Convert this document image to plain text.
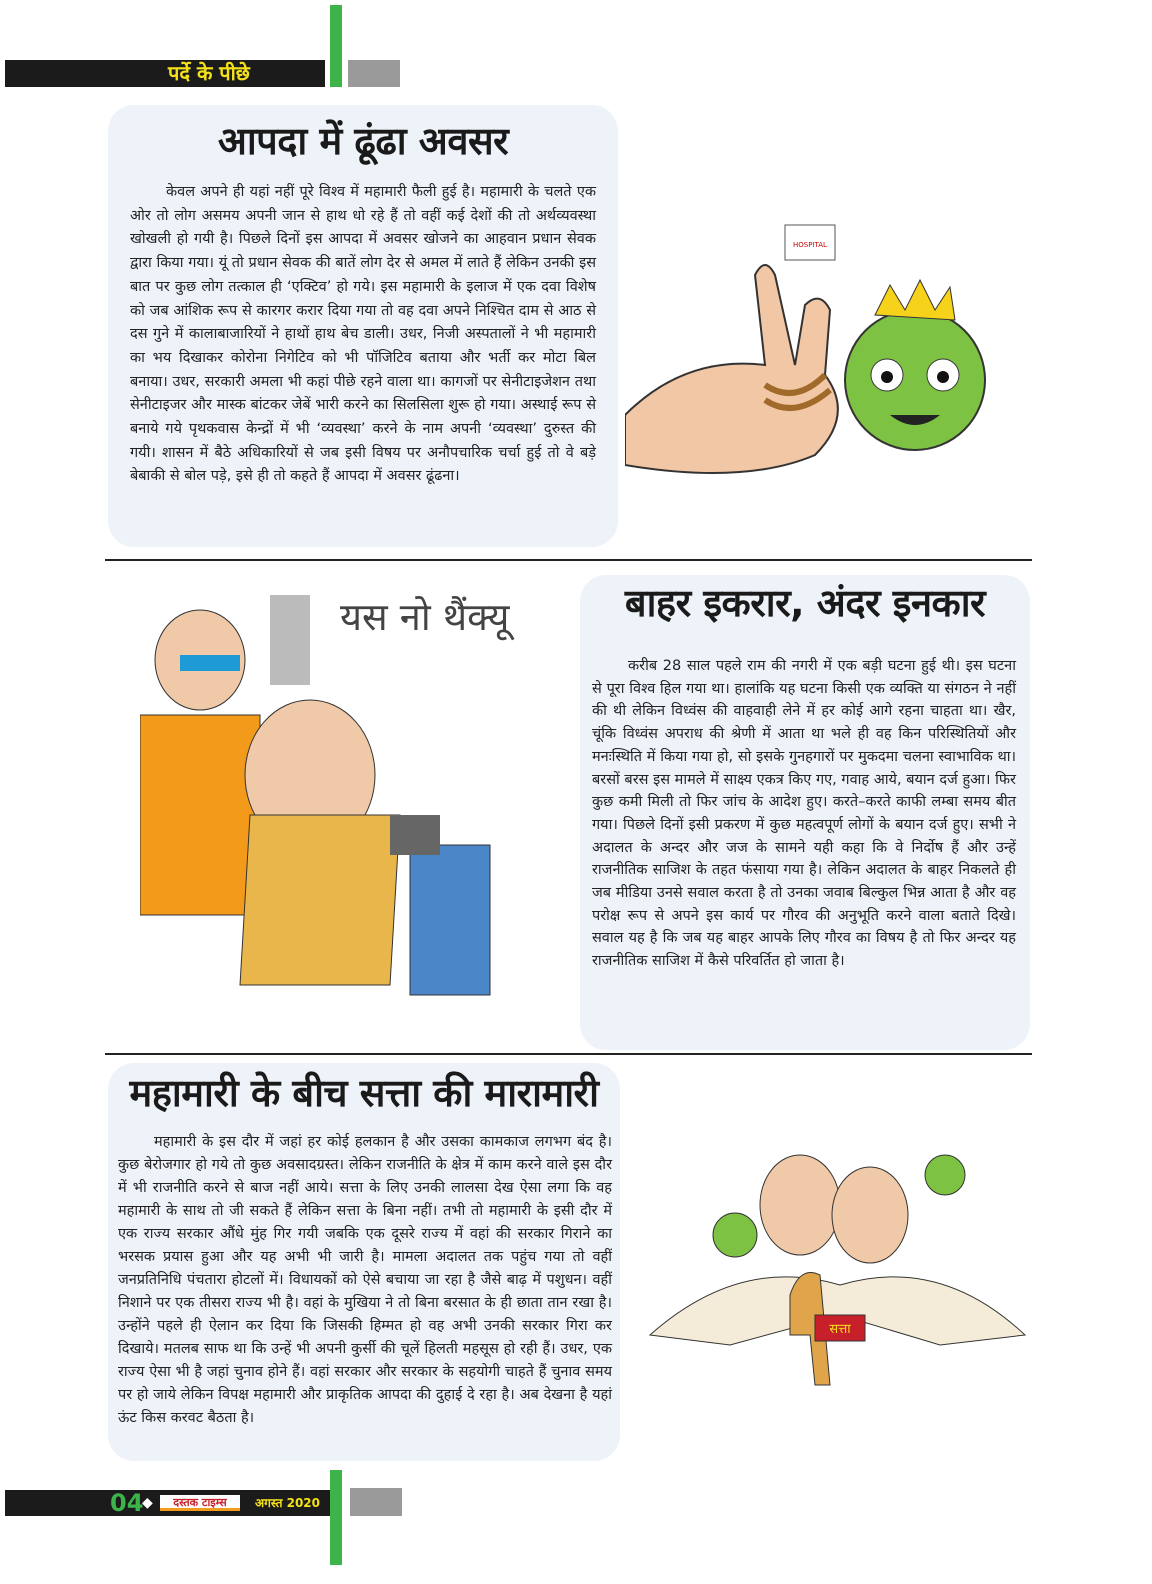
पर्दे के पीछे
आपदा में ढूंढा अवसर

केवल अपने ही यहां नहीं पूरे विश्व में महामारी फैली हुई है। महामारी के चलते एक ओर तो लोग असमय अपनी जान से हाथ धो रहे हैं तो वहीं कई देशों की तो अर्थव्यवस्था खोखली हो गयी है। पिछले दिनों इस आपदा में अवसर खोजने का आहवान प्रधान सेवक द्वारा किया गया। यूं तो प्रधान सेवक की बातें लोग देर से अमल में लाते हैं लेकिन उनकी इस बात पर कुछ लोग तत्काल ही ‘एक्टिव’ हो गये। इस महामारी के इलाज में एक दवा विशेष को जब आंशिक रूप से कारगर करार दिया गया तो वह दवा अपने निश्चित दाम से आठ से दस गुने में कालाबाजारियों ने हाथों हाथ बेच डाली। उधर, निजी अस्पतालों ने भी महामारी का भय दिखाकर कोरोना निगेटिव को भी पॉजिटिव बताया और भर्ती कर मोटा बिल बनाया। उधर, सरकारी अमला भी कहां पीछे रहने वाला था। कागजों पर सेनीटाइजेशन तथा सेनीटाइजर और मास्क बांटकर जेबें भारी करने का सिलसिला शुरू हो गया। अस्थाई रूप से बनाये गये पृथकवास केन्द्रों में भी ‘व्यवस्था’ करने के नाम अपनी ‘व्यवस्था’ दुरुस्त की गयी। शासन में बैठे अधिकारियों से जब इसी विषय पर अनौपचारिक चर्चा हुई तो वे बड़े बेबाकी से बोल पड़े, इसे ही तो कहते हैं आपदा में अवसर ढूंढना।

HOSPITAL
यस नो थैंक्यू	बाहर इकरार, अंदर इनकार

करीब 28 साल पहले राम की नगरी में एक बड़ी घटना हुई थी। इस घटना से पूरा विश्व हिल गया था। हालांकि यह घटना किसी एक व्यक्ति या संगठन ने नहीं की थी लेकिन विध्वंस की वाहवाही लेने में हर कोई आगे रहना चाहता था। खैर, चूंकि विध्वंस अपराध की श्रेणी में आता था भले ही वह किन परिस्थितियों और मनःस्थिति में किया गया हो, सो इसके गुनहगारों पर मुकदमा चलना स्वाभाविक था। बरसों बरस इस मामले में साक्ष्य एकत्र किए गए, गवाह आये, बयान दर्ज हुआ। फिर कुछ कमी मिली तो फिर जांच के आदेश हुए। करते–करते काफी लम्बा समय बीत गया। पिछले दिनों इसी प्रकरण में कुछ महत्वपूर्ण लोगों के बयान दर्ज हुए। सभी ने अदालत के अन्दर और जज के सामने यही कहा कि वे निर्दोष हैं और उन्हें राजनीतिक साजिश के तहत फंसाया गया है। लेकिन अदालत के बाहर निकलते ही जब मीडिया उनसे सवाल करता है तो उनका जवाब बिल्कुल भिन्न आता है और वह परोक्ष रूप से अपने इस कार्य पर गौरव की अनुभूति करने वाला बताते दिखे। सवाल यह है कि जब यह बाहर आपके लिए गौरव का विषय है तो फिर अन्दर यह राजनीतिक साजिश में कैसे परिवर्तित हो जाता है।

महामारी के बीच सत्ता की मारामारी

महामारी के इस दौर में जहां हर कोई हलकान है और उसका कामकाज लगभग बंद है। कुछ बेरोजगार हो गये तो कुछ अवसादग्रस्त। लेकिन राजनीति के क्षेत्र में काम करने वाले इस दौर में भी राजनीति करने से बाज नहीं आये। सत्ता के लिए उनकी लालसा देख ऐसा लगा कि वह महामारी के साथ तो जी सकते हैं लेकिन सत्ता के बिना नहीं। तभी तो महामारी के इसी दौर में एक राज्य सरकार औंधे मुंह गिर गयी जबकि एक दूसरे राज्य में वहां की सरकार गिराने का भरसक प्रयास हुआ और यह अभी भी जारी है। मामला अदालत तक पहुंच गया तो वहीं जनप्रतिनिधि पंचतारा होटलों में। विधायकों को ऐसे बचाया जा रहा है जैसे बाढ़ में पशुधन। वहीं निशाने पर एक तीसरा राज्य भी है। वहां के मुखिया ने तो बिना बरसात के ही छाता तान रखा है। उन्होंने पहले ही ऐलान कर दिया कि जिसकी हिम्मत हो वह अभी उनकी सरकार गिरा कर दिखाये। मतलब साफ था कि उन्हें भी अपनी कुर्सी की चूलें हिलती महसूस हो रही हैं। उधर, एक राज्य ऐसा भी है जहां चुनाव होने हैं। वहां सरकार और सरकार के सहयोगी चाहते हैं चुनाव समय पर हो जाये लेकिन विपक्ष महामारी और प्राकृतिक आपदा की दुहाई दे रहा है। अब देखना है यहां ऊंट किस करवट बैठता है।

सत्ता
04
◆	दस्तक टाइम्स	अगस्त 2020
